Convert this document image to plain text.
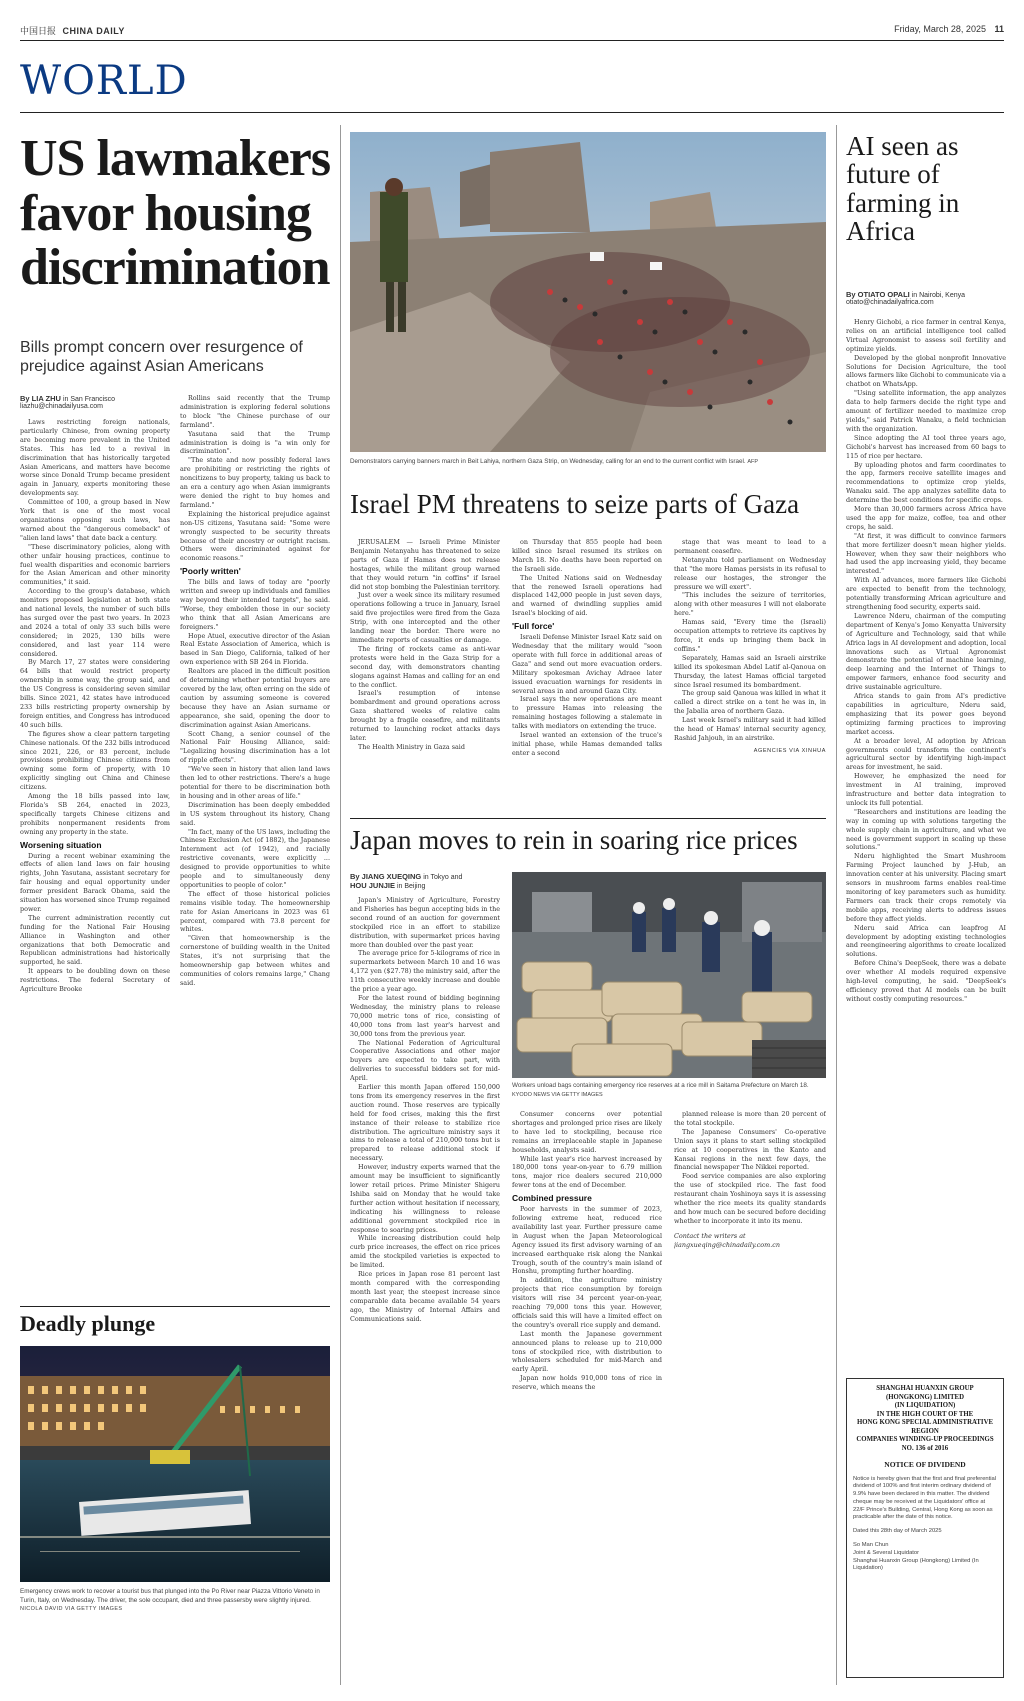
中国日报 CHINA DAILY	Friday, March 28, 2025 11
WORLD
US lawmakers favor housing discrimination
Bills prompt concern over resurgence of prejudice against Asian Americans
By LIA ZHU in San Francisco
liazhu@chinadailyusa.com

Laws restricting foreign nationals, particularly Chinese, from owning property are becoming more prevalent in the United States. This has led to a revival in discrimination that has historically targeted Asian Americans, and matters have become worse since Donald Trump became president again in January, experts monitoring these developments say.

Committee of 100, a group based in New York that is one of the most vocal organizations opposing such laws, has warned about the "dangerous comeback" of "alien land laws" that date back a century.

"These discriminatory policies, along with other unfair housing practices, continue to fuel wealth disparities and economic barriers for the Asian American and other minority communities," it said.

According to the group's database, which monitors proposed legislation at both state and national levels, the number of such bills has surged over the past two years. In 2023 and 2024 a total of only 33 such bills were considered; in 2025, 130 bills were considered, and last year 114 were considered.

By March 17, 27 states were considering 64 bills that would restrict property ownership in some way, the group said, and the US Congress is considering seven similar bills. Since 2021, 42 states have introduced 233 bills restricting property ownership by foreign entities, and Congress has introduced 40 such bills.

The figures show a clear pattern targeting Chinese nationals. Of the 232 bills introduced since 2021, 226, or 83 percent, include provisions prohibiting Chinese citizens from owning some form of property, with 10 explicitly singling out China and Chinese citizens.

Among the 18 bills passed into law, Florida's SB 264, enacted in 2023, specifically targets Chinese citizens and prohibits nonpermanent residents from owning any property in the state.

Worsening situation

During a recent webinar examining the effects of alien land laws on fair housing rights, John Yasutana, assistant secretary for fair housing and equal opportunity under former president Barack Obama, said the situation has worsened since Trump regained power.

The current administration recently cut funding for the National Fair Housing Alliance in Washington and other organizations that both Democratic and Republican administrations had historically supported, he said.

It appears to be doubling down on these restrictions. The federal Secretary of Agriculture Brooke

Rollins said recently that the Trump administration is exploring federal solutions to block "the Chinese purchase of our farmland".

Yasutana said that the Trump administration is doing is "a win only for discrimination".

"The state and now possibly federal laws are prohibiting or restricting the rights of noncitizens to buy property, taking us back to an era a century ago when Asian immigrants were denied the right to buy homes and farmland."

Explaining the historical prejudice against non-US citizens, Yasutana said: "Some were wrongly suspected to be security threats because of their ancestry or outright racism. Others were discriminated against for economic reasons."

'Poorly written'

The bills and laws of today are "poorly written and sweep up individuals and families way beyond their intended targets", he said. "Worse, they embolden those in our society who think that all Asian Americans are foreigners."

Hope Atuel, executive director of the Asian Real Estate Association of America, which is based in San Diego, California, talked of her own experience with SB 264 in Florida.

Realtors are placed in the difficult position of determining whether potential buyers are covered by the law, often erring on the side of caution by assuming someone is covered because they have an Asian surname or appearance, she said, opening the door to discrimination against Asian Americans.

Scott Chang, a senior counsel of the National Fair Housing Alliance, said: "Legalizing housing discrimination has a lot of ripple effects".

"We've seen in history that alien land laws then led to other restrictions. There's a huge potential for there to be discrimination both in housing and in other areas of life."

Discrimination has been deeply embedded in US system throughout its history, Chang said.

"In fact, many of the US laws, including the Chinese Exclusion Act (of 1882), the Japanese Internment act (of 1942), and racially restrictive covenants, were explicitly ... designed to provide opportunities to white people and to simultaneously deny opportunities to people of color."

The effect of those historical policies remains visible today. The homeownership rate for Asian Americans in 2023 was 61 percent, compared with 73.8 percent for whites.

"Given that homeownership is the cornerstone of building wealth in the United States, it's not surprising that the homeownership gap between whites and communities of colors remains large," Chang said.

Deadly plunge
Emergency crews work to recover a tourist bus that plunged into the Po River near Piazza Vittorio Veneto in Turin, Italy, on Wednesday. The driver, the sole occupant, died and three passersby were slightly injured. NICOLA DAVID VIA GETTY IMAGES
Demonstrators carrying banners march in Beit Lahiya, northern Gaza Strip, on Wednesday, calling for an end to the current conflict with Israel. AFP
Israel PM threatens to seize parts of Gaza

JERUSALEM — Israeli Prime Minister Benjamin Netanyahu has threatened to seize parts of Gaza if Hamas does not release hostages, while the militant group warned that they would return "in coffins" if Israel did not stop bombing the Palestinian territory.

Just over a week since its military resumed operations following a truce in January, Israel said five projectiles were fired from the Gaza Strip, with one intercepted and the other landing near the border. There were no immediate reports of casualties or damage.

The firing of rockets came as anti-war protests were held in the Gaza Strip for a second day, with demonstrators chanting slogans against Hamas and calling for an end to the conflict.

Israel's resumption of intense bombardment and ground operations across Gaza shattered weeks of relative calm brought by a fragile ceasefire, and militants returned to launching rocket attacks days later.

The Health Ministry in Gaza said

on Thursday that 855 people had been killed since Israel resumed its strikes on March 18. No deaths have been reported on the Israeli side.

The United Nations said on Wednesday that the renewed Israeli operations had displaced 142,000 people in just seven days, and warned of dwindling supplies amid Israel's blocking of aid.

'Full force'

Israeli Defense Minister Israel Katz said on Wednesday that the military would "soon operate with full force in additional areas of Gaza" and send out more evacuation orders. Military spokesman Avichay Adraee later issued evacuation warnings for residents in several areas in and around Gaza City.

Israel says the new operations are meant to pressure Hamas into releasing the remaining hostages following a stalemate in talks with mediators on extending the truce.

Israel wanted an extension of the truce's initial phase, while Hamas demanded talks enter a second

stage that was meant to lead to a permanent ceasefire.

Netanyahu told parliament on Wednesday that "the more Hamas persists in its refusal to release our hostages, the stronger the pressure we will exert".

"This includes the seizure of territories, along with other measures I will not elaborate here."

Hamas said, "Every time the (Israeli) occupation attempts to retrieve its captives by force, it ends up bringing them back in coffins."

Separately, Hamas said an Israeli airstrike killed its spokesman Abdel Latif al-Qanoua on Thursday, the latest Hamas official targeted since Israel resumed its bombardment.

The group said Qanoua was killed in what it called a direct strike on a tent he was in, in the Jabalia area of northern Gaza.

Last week Israel's military said it had killed the head of Hamas' internal security agency, Rashid Jahjouh, in an airstrike.

AGENCIES VIA XINHUA
Japan moves to rein in soaring rice prices
By JIANG XUEQING in Tokyo and
HOU JUNJIE in Beijing

Japan's Ministry of Agriculture, Forestry and Fisheries has begun accepting bids in the second round of an auction for government stockpiled rice in an effort to stabilize distribution, with supermarket prices having more than doubled over the past year.

The average price for 5-kilograms of rice in supermarkets between March 10 and 16 was 4,172 yen ($27.78) the ministry said, after the 11th consecutive weekly increase and double the price a year ago.

For the latest round of bidding beginning Wednesday, the ministry plans to release 70,000 metric tons of rice, consisting of 40,000 tons from last year's harvest and 30,000 tons from the previous year.

The National Federation of Agricultural Cooperative Associations and other major buyers are expected to take part, with deliveries to successful bidders set for mid-April.

Earlier this month Japan offered 150,000 tons from its emergency reserves in the first auction round. Those reserves are typically held for food crises, making this the first instance of their release to stabilize rice distribution. The agriculture ministry says it aims to release a total of 210,000 tons but is prepared to release additional stock if necessary.

However, industry experts warned that the amount may be insufficient to significantly lower retail prices. Prime Minister Shigeru Ishiba said on Monday that he would take further action without hesitation if necessary, indicating his willingness to release additional government stockpiled rice in response to soaring prices.

While increasing distribution could help curb price increases, the effect on rice prices amid the stockpiled varieties is expected to be limited.

Rice prices in Japan rose 81 percent last month compared with the corresponding month last year, the steepest increase since comparable data became available 54 years ago, the Ministry of Internal Affairs and Communications said.

Workers unload bags containing emergency rice reserves at a rice mill in Saitama Prefecture on March 18. KYODO NEWS VIA GETTY IMAGES

Consumer concerns over potential shortages and prolonged price rises are likely to have led to stockpiling, because rice remains an irreplaceable staple in Japanese households, analysts said.

While last year's rice harvest increased by 180,000 tons year-on-year to 6.79 million tons, major rice dealers secured 210,000 fewer tons at the end of December.

Combined pressure

Poor harvests in the summer of 2023, following extreme heat, reduced rice availability last year. Further pressure came in August when the Japan Meteorological Agency issued its first advisory warning of an increased earthquake risk along the Nankai Trough, south of the country's main island of Honshu, prompting further hoarding.

In addition, the agriculture ministry projects that rice consumption by foreign visitors will rise 34 percent year-on-year, reaching 79,000 tons this year. However, officials said this will have a limited effect on the country's overall rice supply and demand.

Last month the Japanese government announced plans to release up to 210,000 tons of stockpiled rice, with distribution to wholesalers scheduled for mid-March and early April.

Japan now holds 910,000 tons of rice in reserve, which means the

planned release is more than 20 percent of the total stockpile.

The Japanese Consumers' Co-operative Union says it plans to start selling stockpiled rice at 10 cooperatives in the Kanto and Kansai regions in the next few days, the financial newspaper The Nikkei reported.

Food service companies are also exploring the use of stockpiled rice. The fast food restaurant chain Yoshinoya says it is assessing whether the rice meets its quality standards and how much can be secured before deciding whether to incorporate it into its menu.

Contact the writers at
jiangxueqing@chinadaily.com.cn
AI seen as future of farming in Africa
By OTIATO OPALI in Nairobi, Kenya
otiato@chinadailyafrica.com

Henry Gichobi, a rice farmer in central Kenya, relies on an artificial intelligence tool called Virtual Agronomist to assess soil fertility and optimize yields.

Developed by the global nonprofit Innovative Solutions for Decision Agriculture, the tool allows farmers like Gichobi to communicate via a chatbot on WhatsApp.

"Using satellite information, the app analyzes data to help farmers decide the right type and amount of fertilizer needed to maximize crop yields," said Patrick Wanaku, a field technician with the organization.

Since adopting the AI tool three years ago, Gichobi's harvest has increased from 60 bags to 115 of rice per hectare.

By uploading photos and farm coordinates to the app, farmers receive satellite images and recommendations to optimize crop yields, Wanaku said. The app analyzes satellite data to determine the best conditions for specific crops.

More than 30,000 farmers across Africa have used the app for maize, coffee, tea and other crops, he said.

"At first, it was difficult to convince farmers that more fertilizer doesn't mean higher yields. However, when they saw their neighbors who had used the app increasing yield, they became interested."

With AI advances, more farmers like Gichobi are expected to benefit from the technology, potentially transforming African agriculture and strengthening food security, experts said.

Lawrence Nderu, chairman of the computing department of Kenya's Jomo Kenyatta University of Agriculture and Technology, said that while Africa lags in AI development and adoption, local innovations such as Virtual Agronomist demonstrate the potential of machine learning, deep learning and the Internet of Things to empower farmers, enhance food security and drive sustainable agriculture.

Africa stands to gain from AI's predictive capabilities in agriculture, Nderu said, emphasizing that its power goes beyond optimizing farming practices to improving market access.

At a broader level, AI adoption by African governments could transform the continent's agricultural sector by identifying high-impact areas for investment, he said.

However, he emphasized the need for investment in AI training, improved infrastructure and better data integration to unlock its full potential.

"Researchers and institutions are leading the way in coming up with solutions targeting the whole supply chain in agriculture, and what we need is government support in scaling up these solutions."

Nderu highlighted the Smart Mushroom Farming Project launched by J-Hub, an innovation center at his university. Placing smart sensors in mushroom farms enables real-time monitoring of key parameters such as humidity. Farmers can track their crops remotely via mobile apps, receiving alerts to address issues before they affect yields.

Nderu said Africa can leapfrog AI development by adopting existing technologies and reengineering algorithms to create localized solutions.

Before China's DeepSeek, there was a debate over whether AI models required expensive high-level computing, he said. "DeepSeek's efficiency proved that AI models can be built without costly computing resources."

SHANGHAI HUANXIN GROUP (HONGKONG) LIMITED
(IN LIQUIDATION)
IN THE HIGH COURT OF THE
HONG KONG SPECIAL ADMINISTRATIVE REGION
COMPANIES WINDING-UP PROCEEDINGS
NO. 136 of 2016
NOTICE OF DIVIDEND
Notice is hereby given that the first and final preferential dividend of 100% and first interim ordinary dividend of 9.9% have been declared in this matter. The dividend cheque may be received at the Liquidators' office at 22/F Prince's Building, Central, Hong Kong as soon as practicable after the date of this notice.
Dated this 28th day of March 2025
So Man Chun
Joint & Several Liquidator
Shanghai Huanxin Group (Hongkong) Limited (In Liquidation)
